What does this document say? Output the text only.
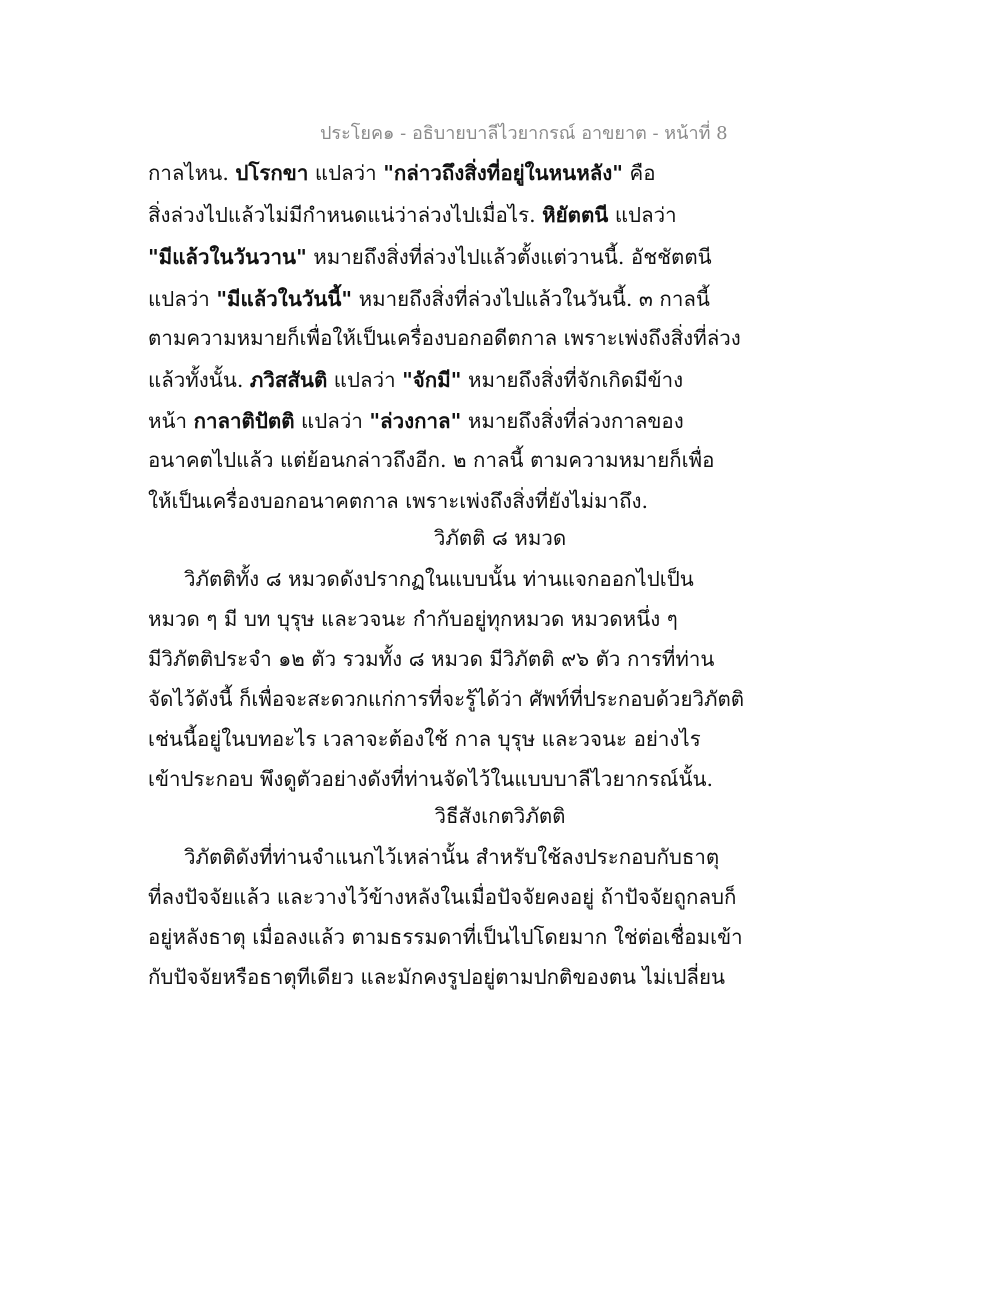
ประโยค๑ - อธิบายบาลีไวยากรณ์ อาขยาต - หน้าที่ 8
กาลไหน. ปโรกขา แปลว่า "กล่าวถึงสิ่งที่อยู่ในหนหลัง" คือ
สิ่งล่วงไปแล้วไม่มีกำหนดแน่ว่าล่วงไปเมื่อไร. หิยัตตนี แปลว่า
"มีแล้วในวันวาน" หมายถึงสิ่งที่ล่วงไปแล้วตั้งแต่วานนี้. อัชชัตตนี
แปลว่า "มีแล้วในวันนี้" หมายถึงสิ่งที่ล่วงไปแล้วในวันนี้. ๓ กาลนี้
ตามความหมายก็เพื่อให้เป็นเครื่องบอกอดีตกาล เพราะเพ่งถึงสิ่งที่ล่วง
แล้วทั้งนั้น. ภวิสสันติ แปลว่า "จักมี" หมายถึงสิ่งที่จักเกิดมีข้าง
หน้า กาลาติปัตติ แปลว่า "ล่วงกาล" หมายถึงสิ่งที่ล่วงกาลของ
อนาคตไปแล้ว แต่ย้อนกล่าวถึงอีก. ๒ กาลนี้ ตามความหมายก็เพื่อ
ให้เป็นเครื่องบอกอนาคตกาล เพราะเพ่งถึงสิ่งที่ยังไม่มาถึง.
วิภัตติ ๘ หมวด
วิภัตติทั้ง ๘ หมวดดังปรากฏในแบบนั้น ท่านแจกออกไปเป็น
หมวด ๆ มี บท บุรุษ และวจนะ กำกับอยู่ทุกหมวด หมวดหนึ่ง ๆ
มีวิภัตติประจำ ๑๒ ตัว รวมทั้ง ๘ หมวด มีวิภัตติ ๙๖ ตัว การที่ท่าน
จัดไว้ดังนี้ ก็เพื่อจะสะดวกแก่การที่จะรู้ได้ว่า ศัพท์ที่ประกอบด้วยวิภัตติ
เช่นนี้อยู่ในบทอะไร เวลาจะต้องใช้ กาล บุรุษ และวจนะ อย่างไร
เข้าประกอบ พึงดูตัวอย่างดังที่ท่านจัดไว้ในแบบบาลีไวยากรณ์นั้น.
วิธีสังเกตวิภัตติ
วิภัตติดังที่ท่านจำแนกไว้เหล่านั้น สำหรับใช้ลงประกอบกับธาตุ
ที่ลงปัจจัยแล้ว และวางไว้ข้างหลังในเมื่อปัจจัยคงอยู่ ถ้าปัจจัยถูกลบก็
อยู่หลังธาตุ เมื่อลงแล้ว ตามธรรมดาที่เป็นไปโดยมาก ใช่ต่อเชื่อมเข้า
กับปัจจัยหรือธาตุทีเดียว และมักคงรูปอยู่ตามปกติของตน ไม่เปลี่ยน
